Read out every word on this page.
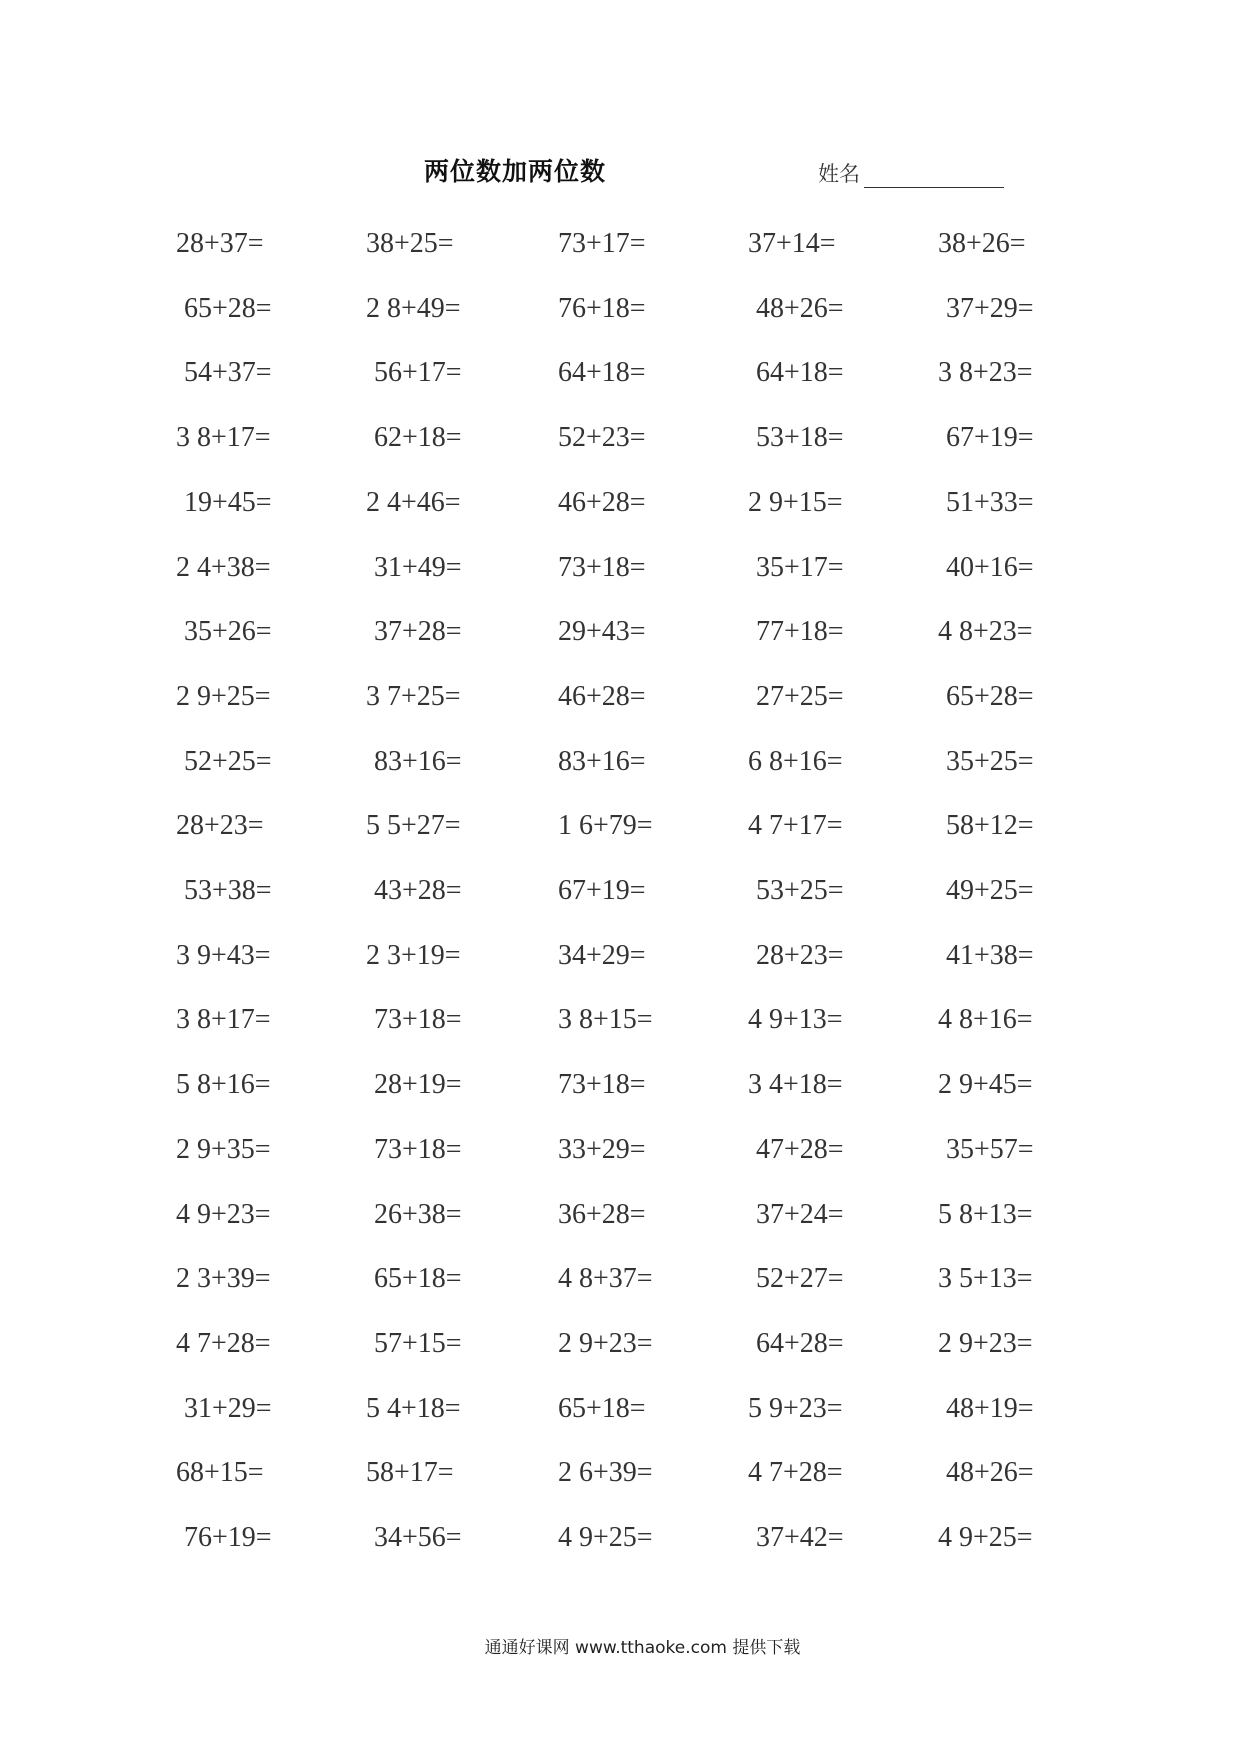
两位数加两位数	姓名
28+37=	38+25=	73+17=	37+14=	38+26=
65+28=	2 8+49=	76+18=	48+26=	37+29=
54+37=	56+17=	64+18=	64+18=	3 8+23=
3 8+17=	62+18=	52+23=	53+18=	67+19=
19+45=	2 4+46=	46+28=	2 9+15=	51+33=
2 4+38=	31+49=	73+18=	35+17=	40+16=
35+26=	37+28=	29+43=	77+18=	4 8+23=
2 9+25=	3 7+25=	46+28=	27+25=	65+28=
52+25=	83+16=	83+16=	6 8+16=	35+25=
28+23=	5 5+27=	1 6+79=	4 7+17=	58+12=
53+38=	43+28=	67+19=	53+25=	49+25=
3 9+43=	2 3+19=	34+29=	28+23=	41+38=
3 8+17=	73+18=	3 8+15=	4 9+13=	4 8+16=
5 8+16=	28+19=	73+18=	3 4+18=	2 9+45=
2 9+35=	73+18=	33+29=	47+28=	35+57=
4 9+23=	26+38=	36+28=	37+24=	5 8+13=
2 3+39=	65+18=	4 8+37=	52+27=	3 5+13=
4 7+28=	57+15=	2 9+23=	64+28=	2 9+23=
31+29=	5 4+18=	65+18=	5 9+23=	48+19=
68+15=	58+17=	2 6+39=	4 7+28=	48+26=
76+19=	34+56=	4 9+25=	37+42=	4 9+25=
通通好课网 www.tthaoke.com 提供下载
